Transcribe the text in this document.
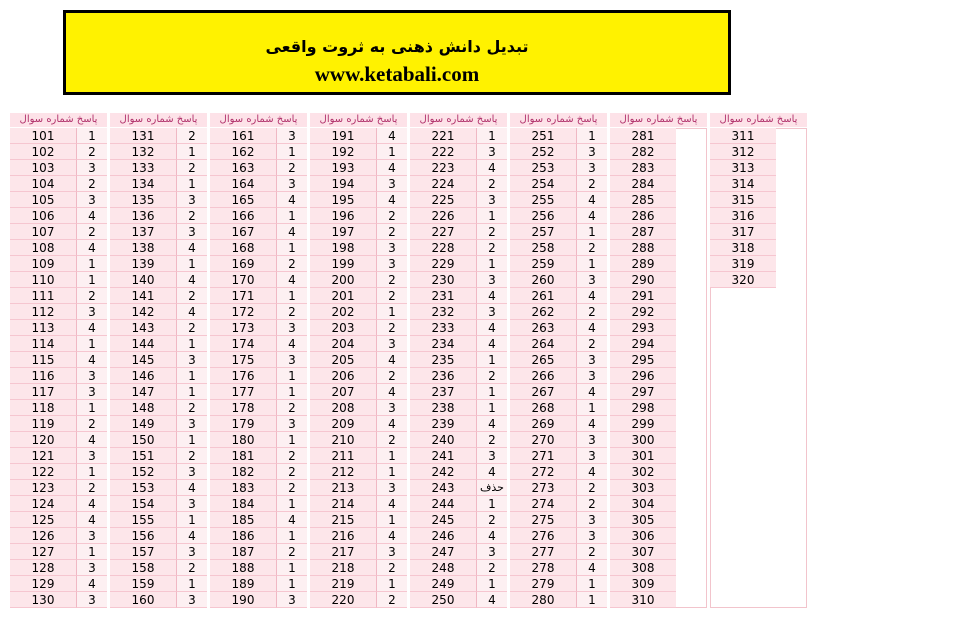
تبدیل دانش ذهنی به ثروت واقعی
www.ketabali.com
پاسخ شماره سوال
101	1
102	2
103	3
104	2
105	3
106	4
107	2
108	4
109	1
110	1
111	2
112	3
113	4
114	1
115	4
116	3
117	3
118	1
119	2
120	4
121	3
122	1
123	2
124	4
125	4
126	3
127	1
128	3
129	4
130	3
پاسخ شماره سوال
131	2
132	1
133	2
134	1
135	3
136	2
137	3
138	4
139	1
140	4
141	2
142	4
143	2
144	1
145	3
146	1
147	1
148	2
149	3
150	1
151	2
152	3
153	4
154	3
155	1
156	4
157	3
158	2
159	1
160	3
پاسخ شماره سوال
161	3
162	1
163	2
164	3
165	4
166	1
167	4
168	1
169	2
170	4
171	1
172	2
173	3
174	4
175	3
176	1
177	1
178	2
179	3
180	1
181	2
182	2
183	2
184	1
185	4
186	1
187	2
188	1
189	1
190	3
پاسخ شماره سوال
191	4
192	1
193	4
194	3
195	4
196	2
197	2
198	3
199	3
200	2
201	2
202	1
203	2
204	3
205	4
206	2
207	4
208	3
209	4
210	2
211	1
212	1
213	3
214	4
215	1
216	4
217	3
218	2
219	1
220	2
پاسخ شماره سوال
221	1
222	3
223	4
224	2
225	3
226	1
227	2
228	2
229	1
230	3
231	4
232	3
233	4
234	4
235	1
236	2
237	1
238	1
239	4
240	2
241	3
242	4
243	حذف
244	1
245	2
246	4
247	3
248	2
249	1
250	4
پاسخ شماره سوال
251	1
252	3
253	3
254	2
255	4
256	4
257	1
258	2
259	1
260	3
261	4
262	2
263	4
264	2
265	3
266	3
267	4
268	1
269	4
270	3
271	3
272	4
273	2
274	2
275	3
276	3
277	2
278	4
279	1
280	1
پاسخ شماره سوال
281
282
283
284
285
286
287
288
289
290
291
292
293
294
295
296
297
298
299
300
301
302
303
304
305
306
307
308
309
310
پاسخ شماره سوال
311
312
313
314
315
316
317
318
319
320
